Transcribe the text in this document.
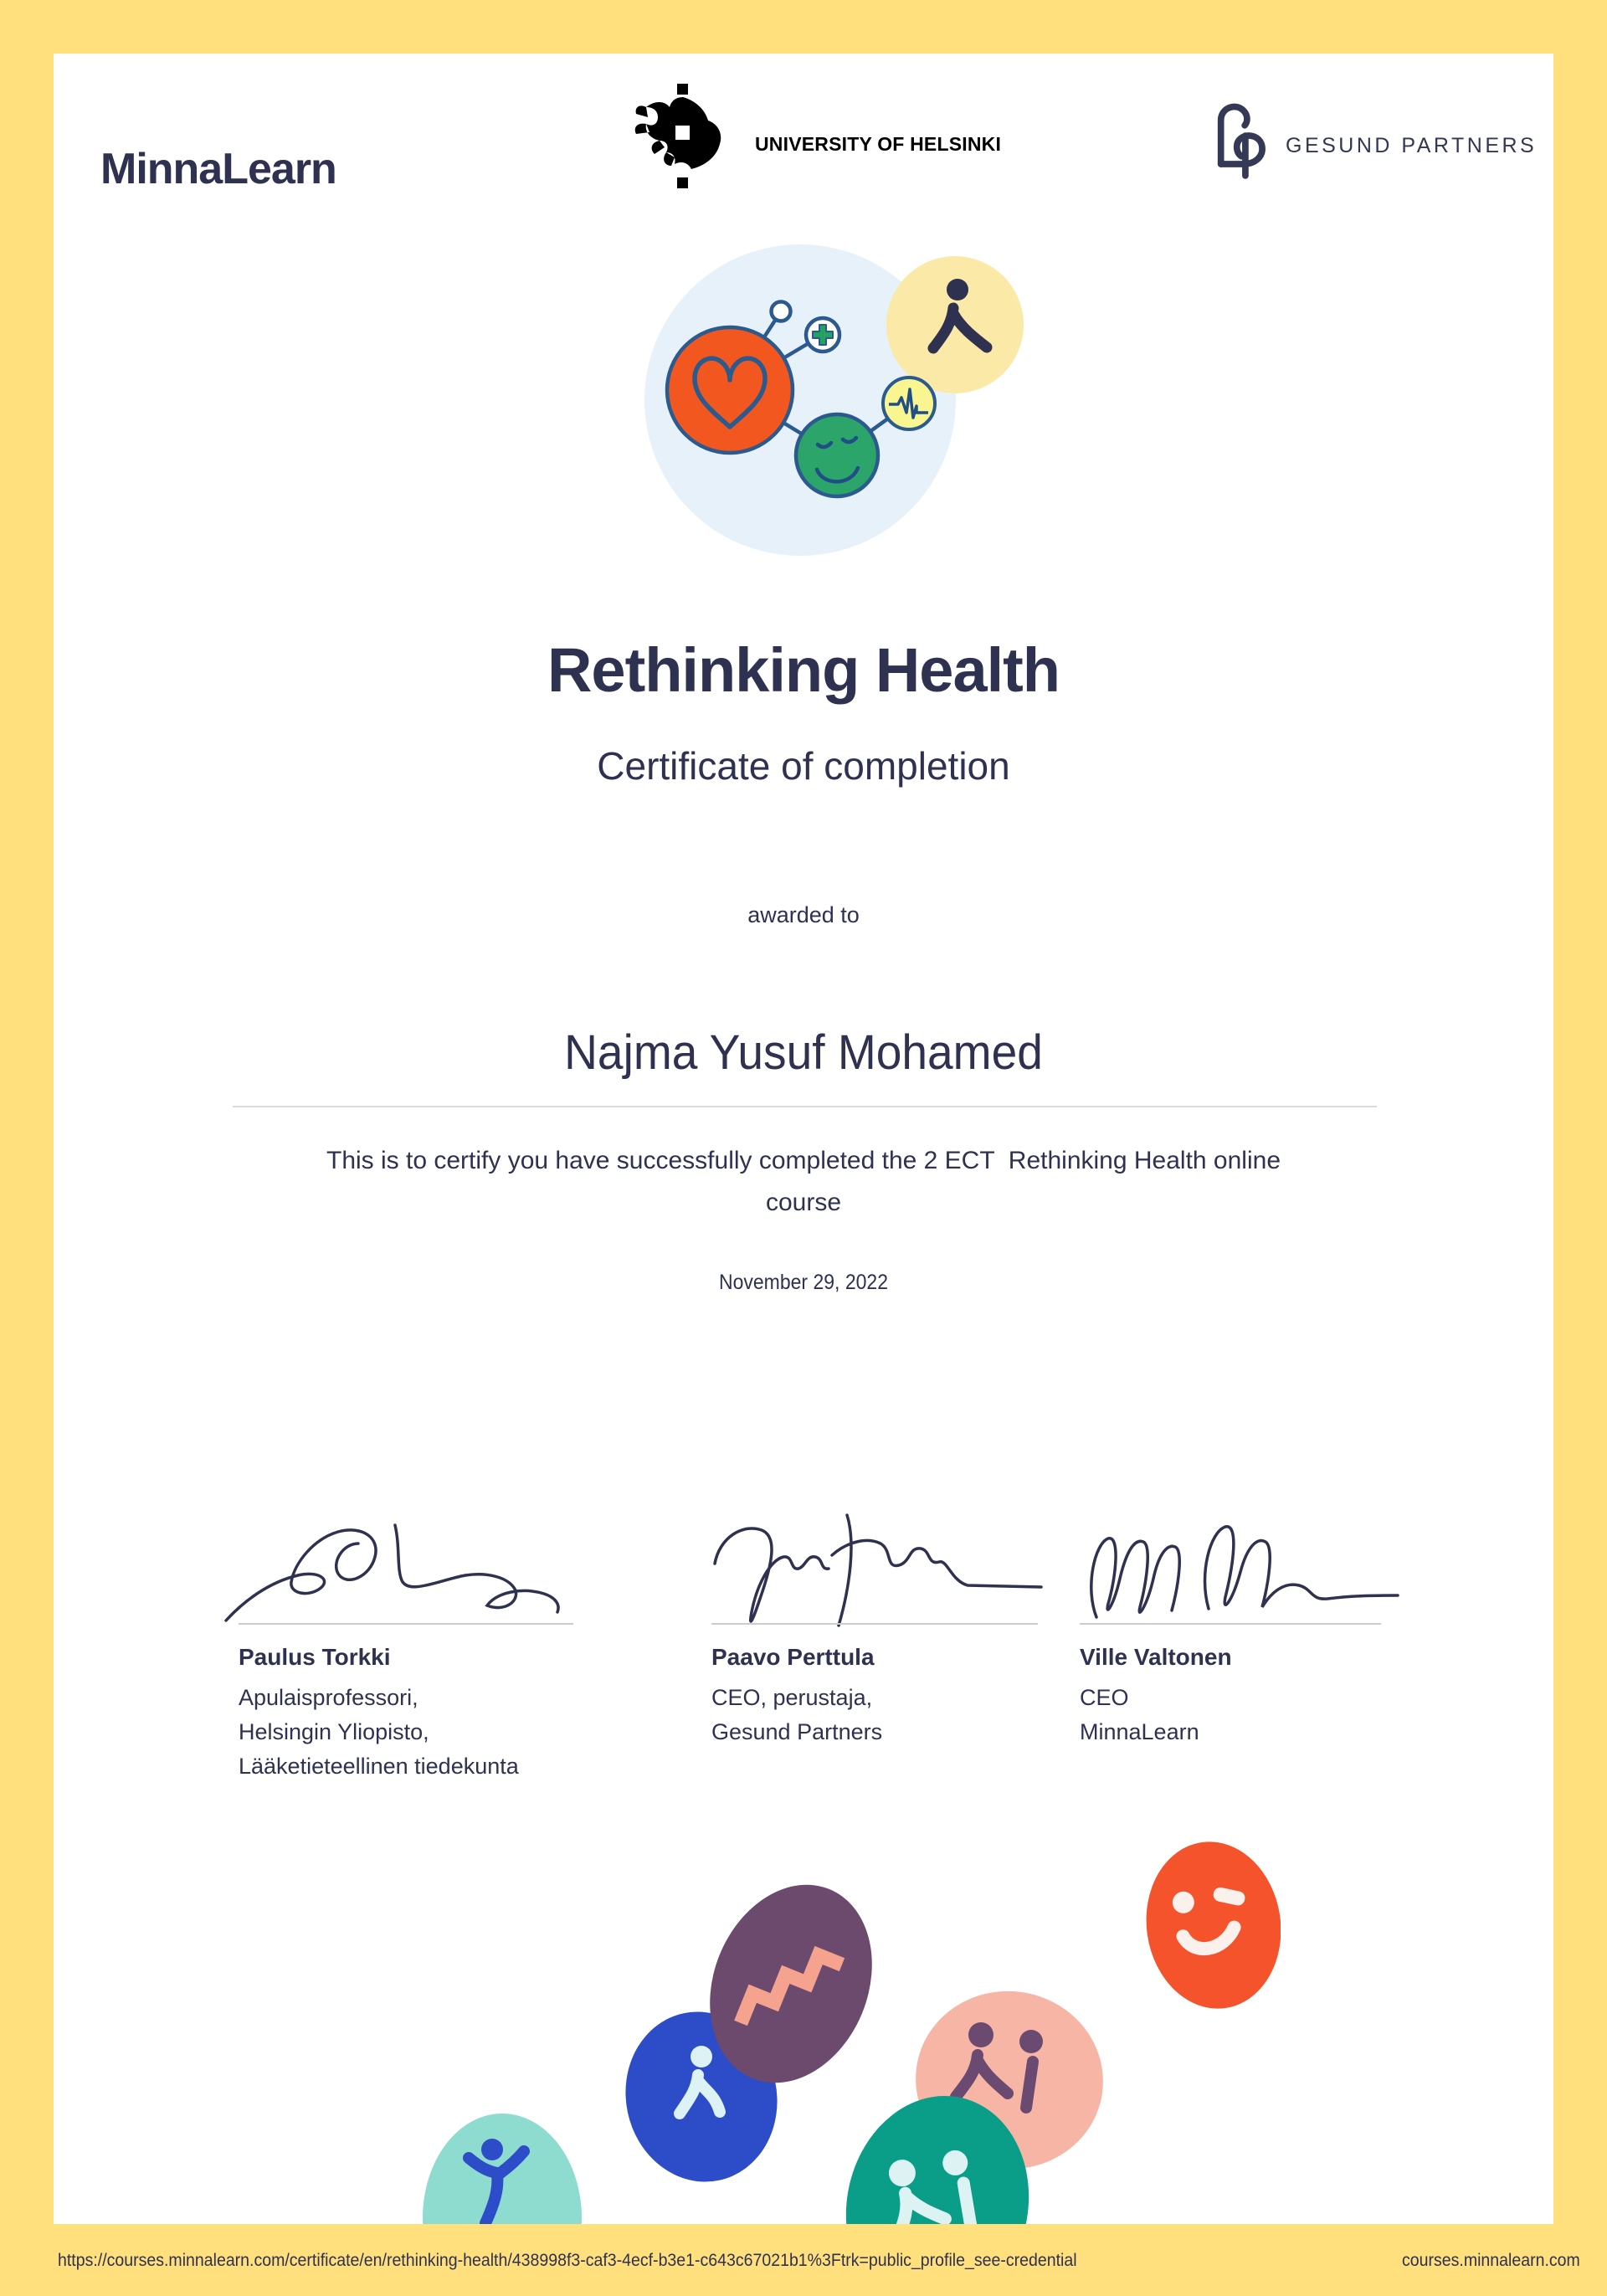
MinnaLearn
UNIVERSITY OF HELSINKI	GESUND PARTNERS
Rethinking Health
Certificate of completion
awarded to
Najma Yusuf Mohamed
This is to certify you have successfully completed the 2 ECT  Rethinking Health online
course
November 29, 2022
Paulus Torkki
Apulaisprofessori,
Helsingin Yliopisto,
Lääketieteellinen tiedekunta
Paavo Perttula
CEO, perustaja,
Gesund Partners
Ville Valtonen
CEO
MinnaLearn
https://courses.minnalearn.com/certificate/en/rethinking-health/438998f3-caf3-4ecf-b3e1-c643c67021b1%3Ftrk=public_profile_see-credential	courses.minnalearn.com
